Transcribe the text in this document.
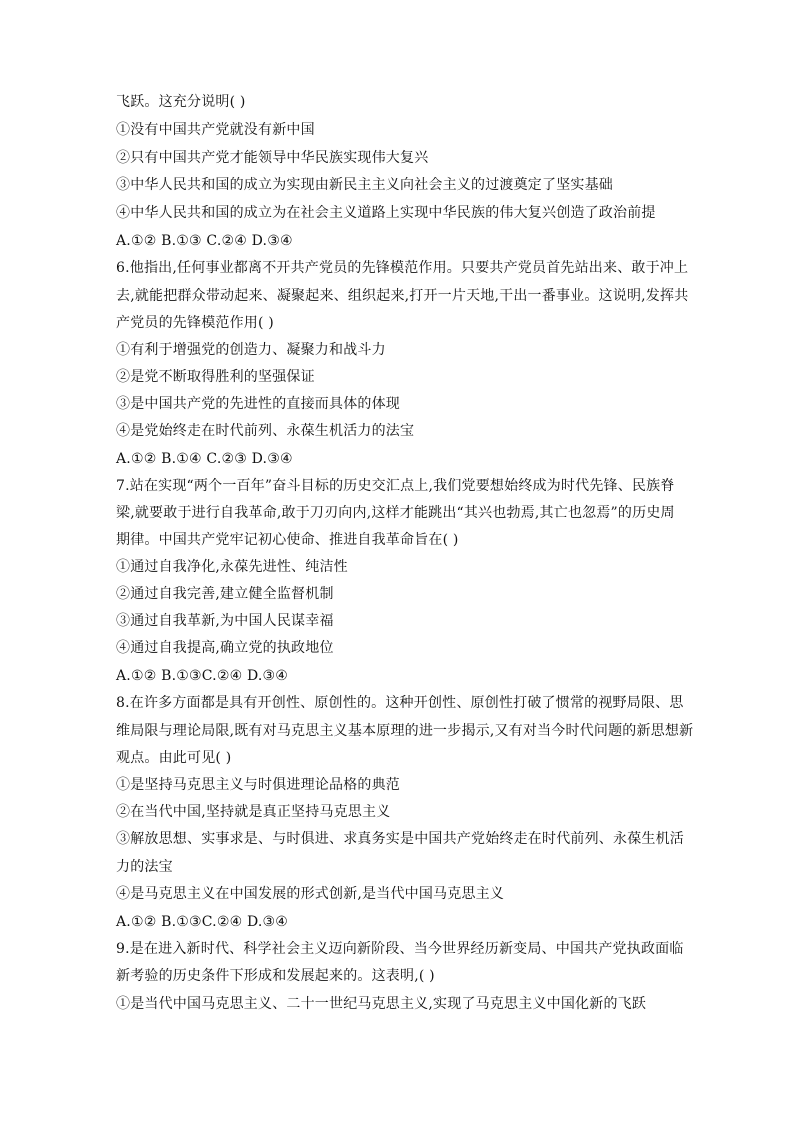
飞跃。这充分说明( )
①没有中国共产党就没有新中国
②只有中国共产党才能领导中华民族实现伟大复兴
③中华人民共和国的成立为实现由新民主主义向社会主义的过渡奠定了坚实基础
④中华人民共和国的成立为在社会主义道路上实现中华民族的伟大复兴创造了政治前提
A.①② B.①③ C.②④ D.③④
6.他指出,任何事业都离不开共产党员的先锋模范作用。只要共产党员首先站出来、敢于冲上
去,就能把群众带动起来、凝聚起来、组织起来,打开一片天地,干出一番事业。这说明,发挥共
产党员的先锋模范作用( )
①有利于增强党的创造力、凝聚力和战斗力
②是党不断取得胜利的坚强保证
③是中国共产党的先进性的直接而具体的体现
④是党始终走在时代前列、永葆生机活力的法宝
A.①② B.①④ C.②③ D.③④
7.站在实现“两个一百年”奋斗目标的历史交汇点上,我们党要想始终成为时代先锋、民族脊
梁,就要敢于进行自我革命,敢于刀刃向内,这样才能跳出“其兴也勃焉,其亡也忽焉”的历史周
期律。中国共产党牢记初心使命、推进自我革命旨在( )
①通过自我净化,永葆先进性、纯洁性
②通过自我完善,建立健全监督机制
③通过自我革新,为中国人民谋幸福
④通过自我提高,确立党的执政地位
A.①② B.①③C.②④ D.③④
8.在许多方面都是具有开创性、原创性的。这种开创性、原创性打破了惯常的视野局限、思
维局限与理论局限,既有对马克思主义基本原理的进一步揭示,又有对当今时代问题的新思想新
观点。由此可见( )
①是坚持马克思主义与时俱进理论品格的典范
②在当代中国,坚持就是真正坚持马克思主义
③解放思想、实事求是、与时俱进、求真务实是中国共产党始终走在时代前列、永葆生机活
力的法宝
④是马克思主义在中国发展的形式创新,是当代中国马克思主义
A.①② B.①③C.②④ D.③④
9.是在进入新时代、科学社会主义迈向新阶段、当今世界经历新变局、中国共产党执政面临
新考验的历史条件下形成和发展起来的。这表明,( )
①是当代中国马克思主义、二十一世纪马克思主义,实现了马克思主义中国化新的飞跃
